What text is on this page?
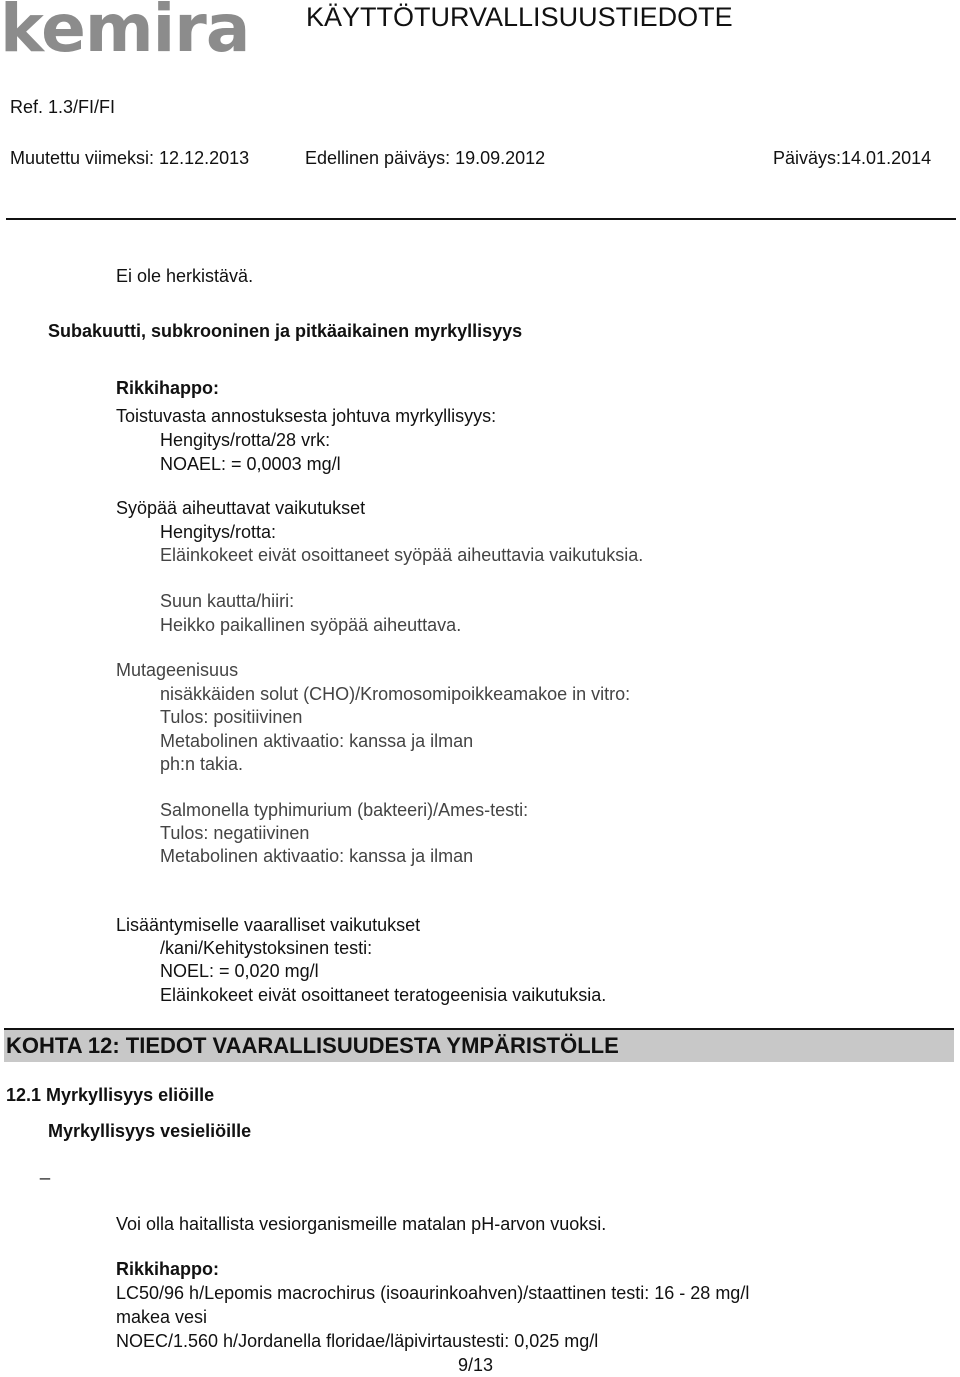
kemira KÄYTTÖTURVALLISUUSTIEDOTE
Ref. 1.3/FI/FI
Muutettu viimeksi: 12.12.2013	Edellinen päiväys: 19.09.2012	Päiväys:14.01.2014
Ei ole herkistävä.
Subakuutti, subkrooninen ja pitkäaikainen myrkyllisyys
Rikkihappo:
Toistuvasta annostuksesta johtuva myrkyllisyys:
Hengitys/rotta/28 vrk:
NOAEL: = 0,0003 mg/l
Syöpää aiheuttavat vaikutukset
Hengitys/rotta:
Eläinkokeet eivät osoittaneet syöpää aiheuttavia vaikutuksia.
Suun kautta/hiiri:
Heikko paikallinen syöpää aiheuttava.
Mutageenisuus
nisäkkäiden solut (CHO)/Kromosomipoikkeamakoe in vitro:
Tulos: positiivinen
Metabolinen aktivaatio: kanssa ja ilman
ph:n takia.
Salmonella typhimurium (bakteeri)/Ames-testi:
Tulos: negatiivinen
Metabolinen aktivaatio: kanssa ja ilman
Lisääntymiselle vaaralliset vaikutukset
/kani/Kehitystoksinen testi:
NOEL: = 0,020 mg/l
Eläinkokeet eivät osoittaneet teratogeenisia vaikutuksia.
KOHTA 12: TIEDOT VAARALLISUUDESTA YMPÄRISTÖLLE
12.1 Myrkyllisyys eliöille
Myrkyllisyys vesieliöille
_
Voi olla haitallista vesiorganismeille matalan pH-arvon vuoksi.
Rikkihappo:
LC50/96 h/Lepomis macrochirus (isoaurinkoahven)/staattinen testi: 16 - 28 mg/l
makea vesi
NOEC/1.560 h/Jordanella floridae/läpivirtaustesti: 0,025 mg/l
9/13
